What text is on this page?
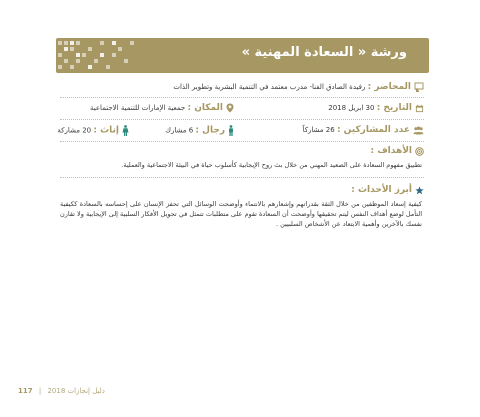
ورشة « السعادة المهنية »
المحاضر : رفيدة الصادق الفنا- مدرب معتمد في التنمية البشرية وتطوير الذات
التاريخ : 30 ابريل 2018
المكان : جمعية الإمارات للتنمية الاجتماعية
عدد المشاركين : 26 مشاركاً
رجال : 6 مشارك
إناث : 20 مشاركة
الأهداف :
تطبيق مفهوم السعادة على الصعيد المهني من خلال بث روح الإيجابية كأسلوب حياة في البيئة الاجتماعية والعملية.
أبرز الأحداث :
كيفية إسعاد الموظفين من خلال الثقة بقدراتهم وإشعارهم بالانتماء وأوضحت الوسائل التي تحفز الإنسان على إحساسه بالسعادة ككيفية التأمل لوضع أهداف النفس ليتم تحقيقها وأوضحت أن السعادة تقوم على متطلبات تتمثل في تحويل الأفكار السلبية إلى الإيجابية ولا تقارن نفسك بالآخرين وأهمية الابتعاد عن الأشخاص السلبيين .
117 | دليل إنجازات 2018
